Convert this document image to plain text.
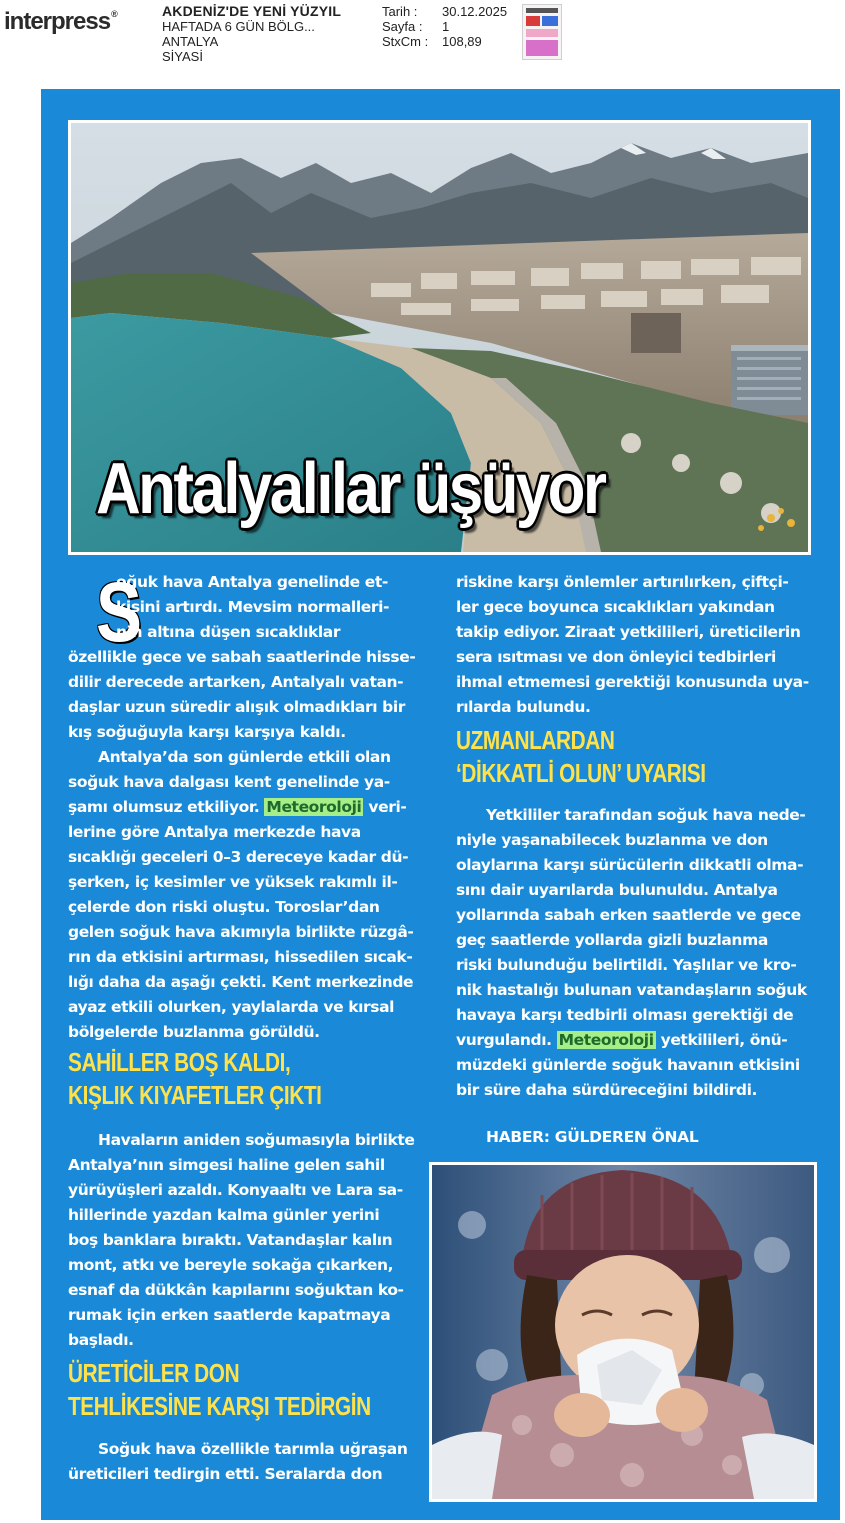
interpress®	AKDENİZ'DE YENİ YÜZYIL
HAFTADA 6 GÜN BÖLG...
ANTALYA
SİYASİ
Tarih :
Sayfa :
StxCm :
30.12.2025
1
108,89
Antalyalılar üşüyor
S
oğuk hava Antalya genelinde et-
kisini artırdı. Mevsim normalleri-
nin altına düşen sıcaklıklar
özellikle gece ve sabah saatlerinde hisse-
dilir derecede artarken, Antalyalı vatan-
daşlar uzun süredir alışık olmadıkları bir
kış soğuğuyla karşı karşıya kaldı.
Antalya’da son günlerde etkili olan
soğuk hava dalgası kent genelinde ya-
şamı olumsuz etkiliyor. Meteoroloji veri-
lerine göre Antalya merkezde hava
sıcaklığı geceleri 0–3 dereceye kadar dü-
şerken, iç kesimler ve yüksek rakımlı il-
çelerde don riski oluştu. Toroslar’dan
gelen soğuk hava akımıyla birlikte rüzgâ-
rın da etkisini artırması, hissedilen sıcak-
lığı daha da aşağı çekti. Kent merkezinde
ayaz etkili olurken, yaylalarda ve kırsal
bölgelerde buzlanma görüldü.
SAHİLLER BOŞ KALDI,
KIŞLIK KIYAFETLER ÇIKTI
Havaların aniden soğumasıyla birlikte
Antalya’nın simgesi haline gelen sahil
yürüyüşleri azaldı. Konyaaltı ve Lara sa-
hillerinde yazdan kalma günler yerini
boş banklara bıraktı. Vatandaşlar kalın
mont, atkı ve bereyle sokağa çıkarken,
esnaf da dükkân kapılarını soğuktan ko-
rumak için erken saatlerde kapatmaya
başladı.
ÜRETİCİLER DON
TEHLİKESİNE KARŞI TEDİRGİN
Soğuk hava özellikle tarımla uğraşan
üreticileri tedirgin etti. Seralarda don
riskine karşı önlemler artırılırken, çiftçi-
ler gece boyunca sıcaklıkları yakından
takip ediyor. Ziraat yetkilileri, üreticilerin
sera ısıtması ve don önleyici tedbirleri
ihmal etmemesi gerektiği konusunda uya-
rılarda bulundu.
UZMANLARDAN
‘DİKKATLİ OLUN’ UYARISI
Yetkililer tarafından soğuk hava nede-
niyle yaşanabilecek buzlanma ve don
olaylarına karşı sürücülerin dikkatli olma-
sını dair uyarılarda bulunuldu. Antalya
yollarında sabah erken saatlerde ve gece
geç saatlerde yollarda gizli buzlanma
riski bulunduğu belirtildi. Yaşlılar ve kro-
nik hastalığı bulunan vatandaşların soğuk
havaya karşı tedbirli olması gerektiği de
vurgulandı. Meteoroloji yetkilileri, önü-
müzdeki günlerde soğuk havanın etkisini
bir süre daha sürdüreceğini bildirdi.
HABER: GÜLDEREN ÖNAL
